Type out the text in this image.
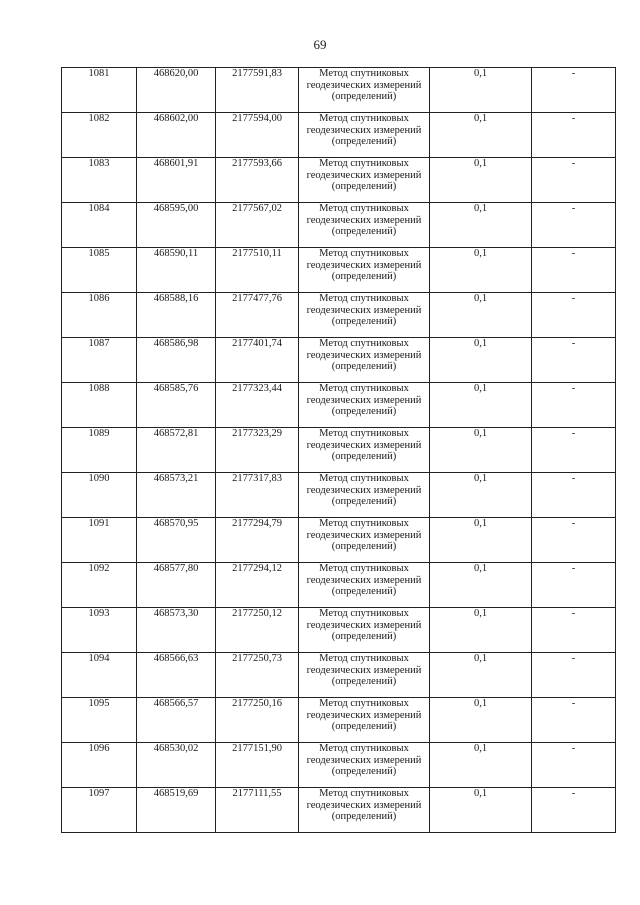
69
1081	468620,00	2177591,83	Метод спутниковых
геодезических измерений
(определений)	0,1	-
1082	468602,00	2177594,00	Метод спутниковых
геодезических измерений
(определений)	0,1	-
1083	468601,91	2177593,66	Метод спутниковых
геодезических измерений
(определений)	0,1	-
1084	468595,00	2177567,02	Метод спутниковых
геодезических измерений
(определений)	0,1	-
1085	468590,11	2177510,11	Метод спутниковых
геодезических измерений
(определений)	0,1	-
1086	468588,16	2177477,76	Метод спутниковых
геодезических измерений
(определений)	0,1	-
1087	468586,98	2177401,74	Метод спутниковых
геодезических измерений
(определений)	0,1	-
1088	468585,76	2177323,44	Метод спутниковых
геодезических измерений
(определений)	0,1	-
1089	468572,81	2177323,29	Метод спутниковых
геодезических измерений
(определений)	0,1	-
1090	468573,21	2177317,83	Метод спутниковых
геодезических измерений
(определений)	0,1	-
1091	468570,95	2177294,79	Метод спутниковых
геодезических измерений
(определений)	0,1	-
1092	468577,80	2177294,12	Метод спутниковых
геодезических измерений
(определений)	0,1	-
1093	468573,30	2177250,12	Метод спутниковых
геодезических измерений
(определений)	0,1	-
1094	468566,63	2177250,73	Метод спутниковых
геодезических измерений
(определений)	0,1	-
1095	468566,57	2177250,16	Метод спутниковых
геодезических измерений
(определений)	0,1	-
1096	468530,02	2177151,90	Метод спутниковых
геодезических измерений
(определений)	0,1	-
1097	468519,69	2177111,55	Метод спутниковых
геодезических измерений
(определений)	0,1	-
